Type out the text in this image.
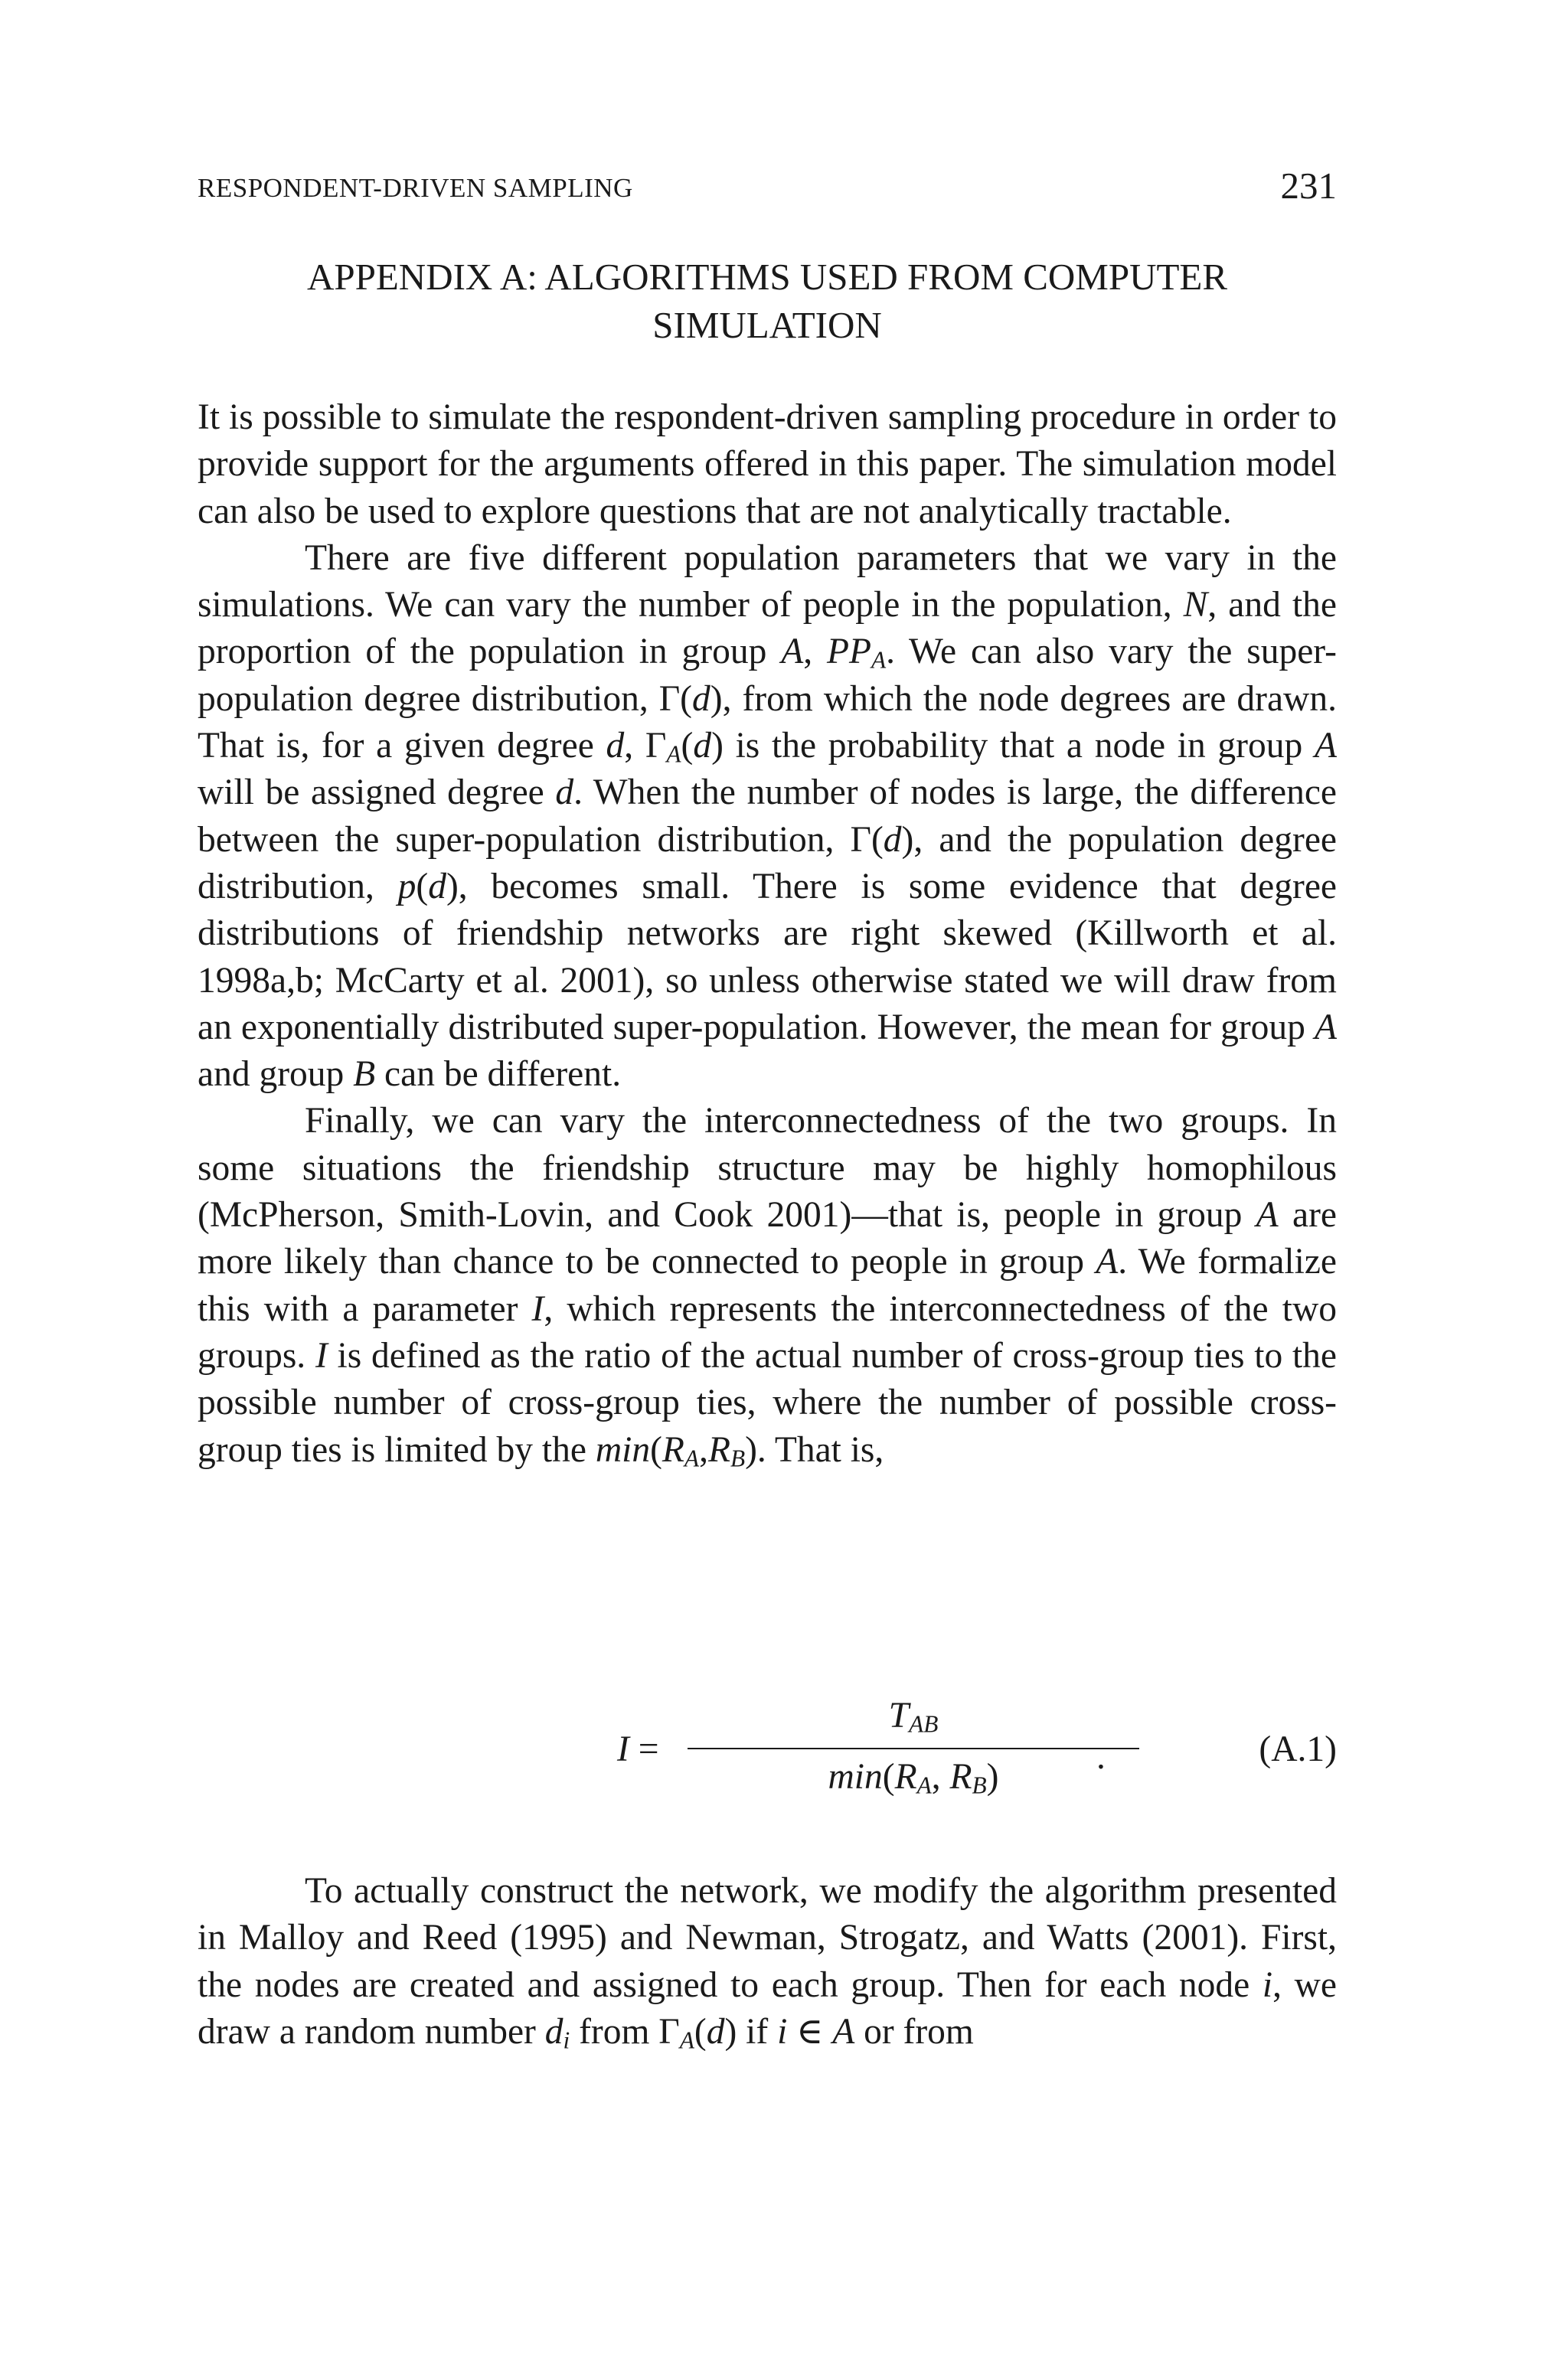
RESPONDENT-DRIVEN SAMPLING	231
APPENDIX A: ALGORITHMS USED FROM COMPUTER
SIMULATION

It is possible to simulate the respondent-driven sampling procedure in order to provide support for the arguments offered in this paper. The simulation model can also be used to explore questions that are not analytically tractable.

There are five different population parameters that we vary in the simulations. We can vary the number of people in the population, N, and the proportion of the population in group A, $PP_A$. We can also vary the super-population degree distribution, Γ(d), from which the node degrees are drawn. That is, for a given degree d, $\Gamma_A(d)$ is the probability that a node in group A will be assigned degree d. When the number of nodes is large, the difference between the super-population distribution, Γ(d), and the population degree distribution, p(d), becomes small. There is some evidence that degree distributions of friendship networks are right skewed (Killworth et al. 1998a,b; McCarty et al. 2001), so unless otherwise stated we will draw from an exponentially distributed super-population. However, the mean for group A and group B can be different.

Finally, we can vary the interconnectedness of the two groups. In some situations the friendship structure may be highly homophilous (McPherson, Smith-Lovin, and Cook 2001)—that is, people in group A are more likely than chance to be connected to people in group A. We formalize this with a parameter I, which represents the interconnectedness of the two groups. I is defined as the ratio of the actual number of cross-group ties to the possible number of cross-group ties, where the number of possible cross-group ties is limited by the $\min(R_A,R_B)$. That is,

I =
$T_{AB}$
$\min(R_A$, $R_B$)	.	(A.1)

To actually construct the network, we modify the algorithm presented in Malloy and Reed (1995) and Newman, Strogatz, and Watts (2001). First, the nodes are created and assigned to each group. Then for each node i, we draw a random number $d_i$ from $\Gamma_A(d)$ if i ∈ A or from
